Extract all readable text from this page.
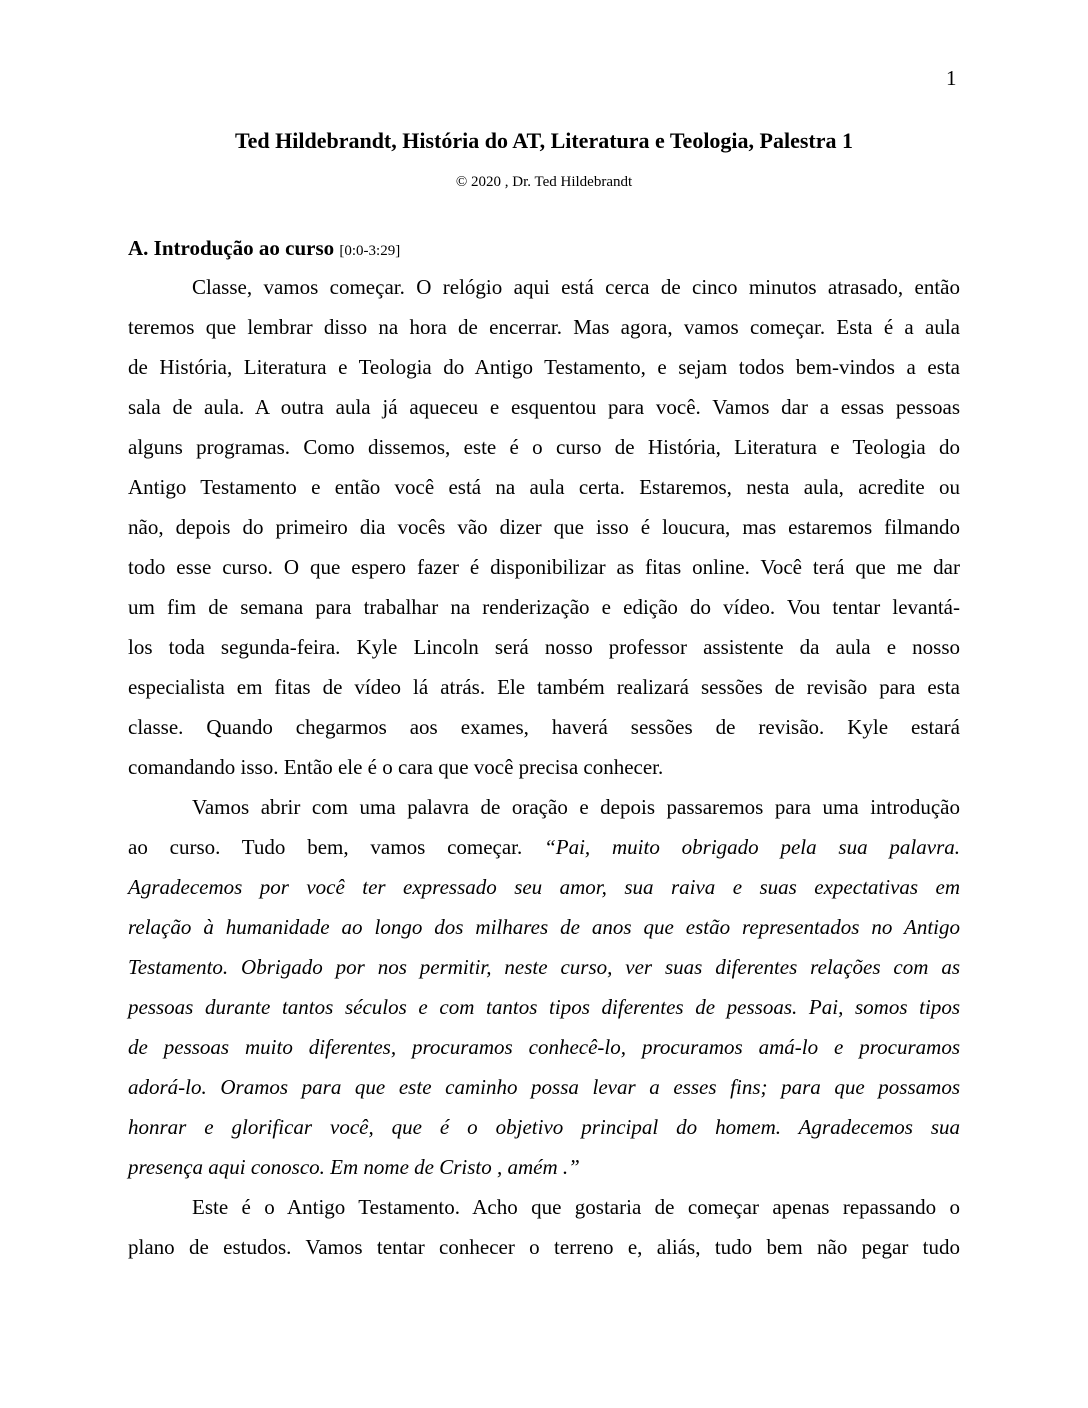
1
Ted Hildebrandt, História do AT, Literatura e Teologia, Palestra 1
© 2020 , Dr. Ted Hildebrandt
A. Introdução ao curso [0:0-3:29]
Classe, vamos começar. O relógio aqui está cerca de cinco minutos atrasado, então
teremos que lembrar disso na hora de encerrar. Mas agora, vamos começar. Esta é a aula
de História, Literatura e Teologia do Antigo Testamento, e sejam todos bem-vindos a esta
sala de aula. A outra aula já aqueceu e esquentou para você. Vamos dar a essas pessoas
alguns programas. Como dissemos, este é o curso de História, Literatura e Teologia do
Antigo Testamento e então você está na aula certa. Estaremos, nesta aula, acredite ou
não, depois do primeiro dia vocês vão dizer que isso é loucura, mas estaremos filmando
todo esse curso. O que espero fazer é disponibilizar as fitas online. Você terá que me dar
um fim de semana para trabalhar na renderização e edição do vídeo. Vou tentar levantá-
los toda segunda-feira. Kyle Lincoln será nosso professor assistente da aula e nosso
especialista em fitas de vídeo lá atrás. Ele também realizará sessões de revisão para esta
classe. Quando chegarmos aos exames, haverá sessões de revisão. Kyle estará
comandando isso. Então ele é o cara que você precisa conhecer.
Vamos abrir com uma palavra de oração e depois passaremos para uma introdução
ao curso. Tudo bem, vamos começar. “Pai, muito obrigado pela sua palavra.
Agradecemos por você ter expressado seu amor, sua raiva e suas expectativas em
relação à humanidade ao longo dos milhares de anos que estão representados no Antigo
Testamento. Obrigado por nos permitir, neste curso, ver suas diferentes relações com as
pessoas durante tantos séculos e com tantos tipos diferentes de pessoas. Pai, somos tipos
de pessoas muito diferentes, procuramos conhecê-lo, procuramos amá-lo e procuramos
adorá-lo. Oramos para que este caminho possa levar a esses fins; para que possamos
honrar e glorificar você, que é o objetivo principal do homem. Agradecemos sua
presença aqui conosco. Em nome de Cristo , amém .”
Este é o Antigo Testamento. Acho que gostaria de começar apenas repassando o
plano de estudos. Vamos tentar conhecer o terreno e, aliás, tudo bem não pegar tudo
